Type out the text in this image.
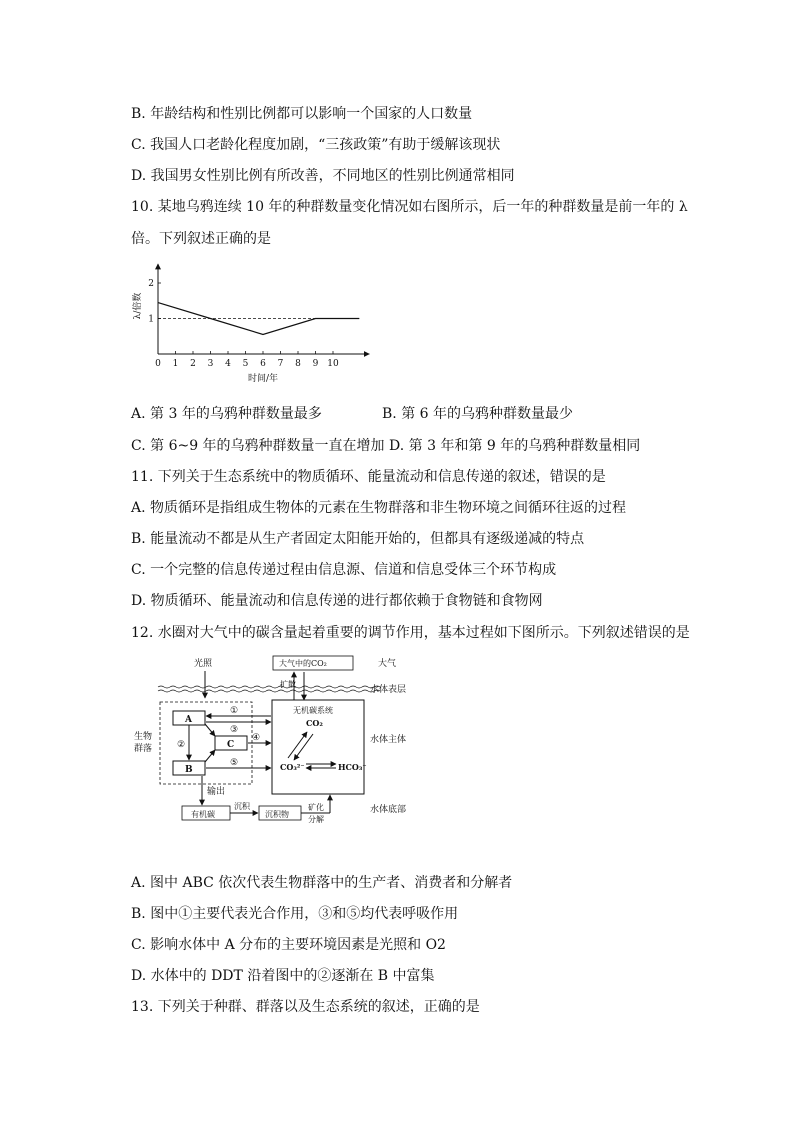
B. 年龄结构和性别比例都可以影响一个国家的人口数量
C. 我国人口老龄化程度加剧，“三孩政策”有助于缓解该现状
D. 我国男女性别比例有所改善，不同地区的性别比例通常相同
10. 某地乌鸦连续 10 年的种群数量变化情况如右图所示，后一年的种群数量是前一年的 λ
倍。下列叙述正确的是
0 1 2 3 4 5 6 7 8 9 10
1
2
λ/倍数
时间/年
A. 第 3 年的乌鸦种群数量最多	B. 第 6 年的乌鸦种群数量最少
C. 第 6~9 年的乌鸦种群数量一直在增加 D. 第 3 年和第 9 年的乌鸦种群数量相同
11. 下列关于生态系统中的物质循环、能量流动和信息传递的叙述，错误的是
A. 物质循环是指组成生物体的元素在生物群落和非生物环境之间循环往返的过程
B. 能量流动不都是从生产者固定太阳能开始的，但都具有逐级递减的特点
C. 一个完整的信息传递过程由信息源、信道和信息受体三个环节构成
D. 物质循环、能量流动和信息传递的进行都依赖于食物链和食物网
12. 水圈对大气中的碳含量起着重要的调节作用，基本过程如下图所示。下列叙述错误的是
光照	大气中的CO₂	大气
水体表层
扩散
无机碳系统
CO₂
CO₃²⁻	HCO₃⁻
水体主体
生物
群落
A
B
C
②
①
③
④
⑤
输出
有机碳
沉积
沉积物
矿化
分解
水体底部
A. 图中 ABC 依次代表生物群落中的生产者、消费者和分解者
B. 图中①主要代表光合作用，③和⑤均代表呼吸作用
C. 影响水体中 A 分布的主要环境因素是光照和 O2
D. 水体中的 DDT 沿着图中的②逐渐在 B 中富集
13. 下列关于种群、群落以及生态系统的叙述，正确的是
